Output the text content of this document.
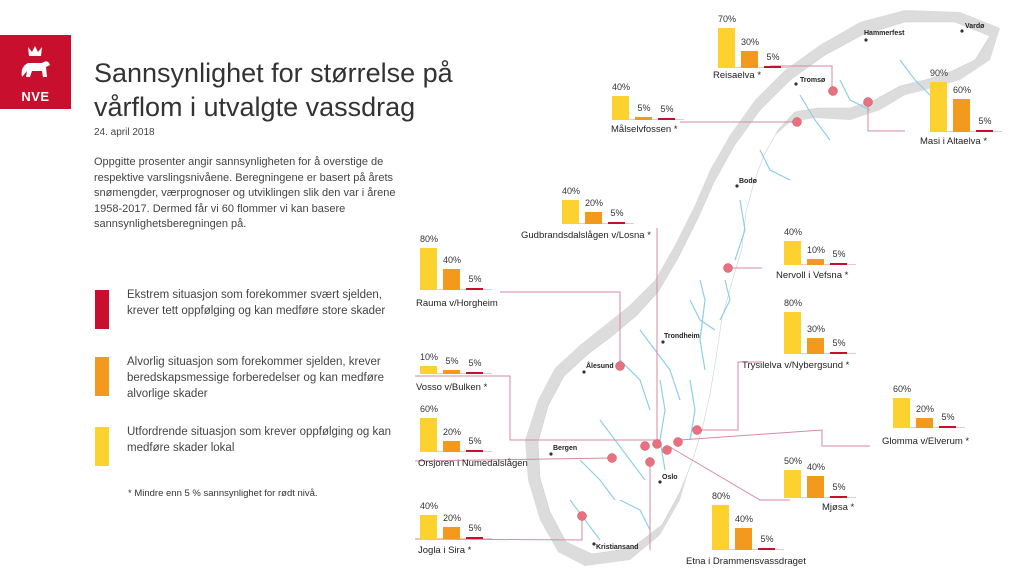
Vardø
Hammerfest
Tromsø
Bodø
Trondheim
Ålesund
Bergen
Oslo
Kristiansand
NVE
Sannsynlighet for størrelse på vårflom i utvalgte vassdrag
24. april 2018
Oppgitte prosenter angir sannsynligheten for å overstige de respektive varslingsnivåene. Beregningene er basert på årets snømengder, værprognoser og utviklingen slik den var i årene 1958-2017. Dermed får vi 60 flommer vi kan basere sannsynlighetsberegningen på.
Ekstrem situasjon som forekommer svært sjelden, krever tett oppfølging og kan medføre store skader
Alvorlig situasjon som forekommer sjelden, krever beredskapsmessige forberedelser og kan medføre alvorlige skader
Utfordrende situasjon som krever oppfølging og kan medføre skader lokal
* Mindre enn 5 % sannsynlighet for rødt nivå.
70%
30%
5%
Reisaelva *
40%
5%	5%
Målselvfossen *
90%
60%
5%
Masi i Altaelva *
40%
20%
5%
Gudbrandsdalslågen v/Losna *	40%
10% 5%
Nervoll i Vefsna *
80%
40%
5%
Rauma v/Horgheim	80%
30%
5%
Trysilelva v/Nybergsund *
10% 5%	5%
Vosso v/Bulken *	60%
20%
5%
Glomma v/Elverum *
60%
20%
5%
Orsjoren i Numedalslågen	50%
40%
5%
Mjøsa *
40%
20%
5%
Jogla i Sira *
80%
40%
5%
Etna i Drammensvassdraget
